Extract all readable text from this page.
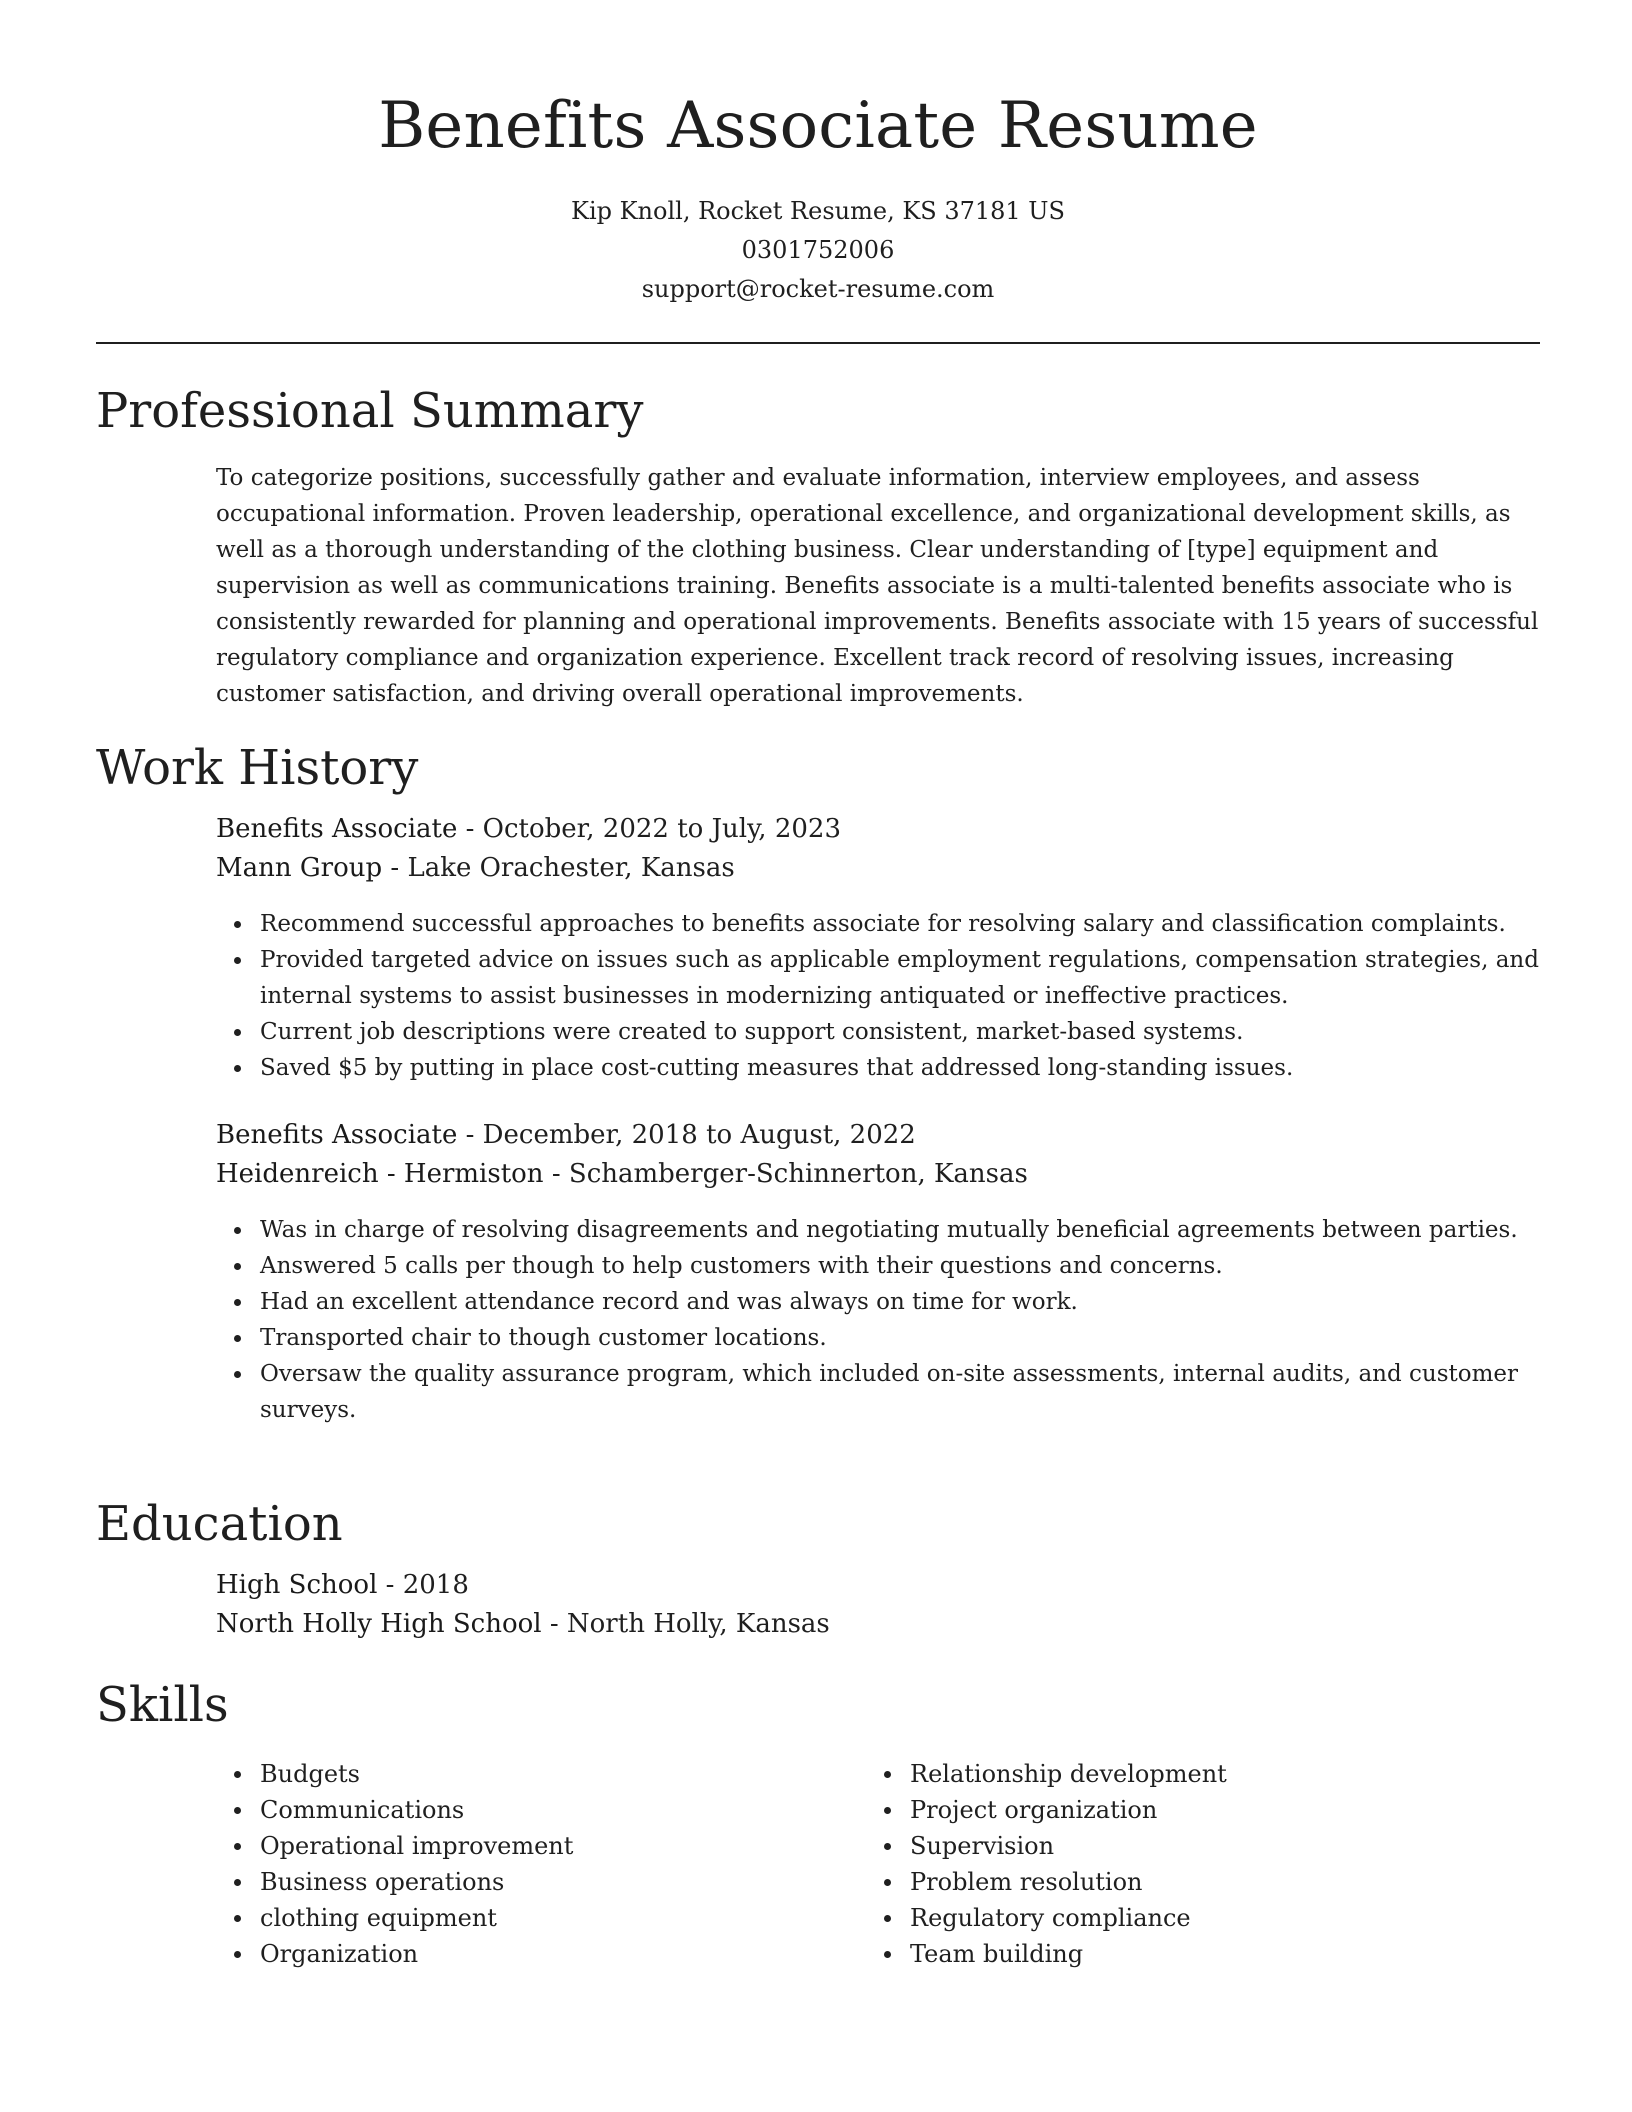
Benefits Associate Resume
Kip Knoll, Rocket Resume, KS 37181 US
0301752006
support@rocket-resume.com
Professional Summary
To categorize positions, successfully gather and evaluate information, interview employees, and assess occupational information. Proven leadership, operational excellence, and organizational development skills, as well as a thorough understanding of the clothing business. Clear understanding of [type] equipment and supervision as well as communications training. Benefits associate is a multi-talented benefits associate who is consistently rewarded for planning and operational improvements. Benefits associate with 15 years of successful regulatory compliance and organization experience. Excellent track record of resolving issues, increasing customer satisfaction, and driving overall operational improvements.
Work History
Benefits Associate - October, 2022 to July, 2023
Mann Group - Lake Orachester, Kansas
Recommend successful approaches to benefits associate for resolving salary and classification complaints.
Provided targeted advice on issues such as applicable employment regulations, compensation strategies, and internal systems to assist businesses in modernizing antiquated or ineffective practices.
Current job descriptions were created to support consistent, market-based systems.
Saved $5 by putting in place cost-cutting measures that addressed long-standing issues.
Benefits Associate - December, 2018 to August, 2022
Heidenreich - Hermiston - Schamberger-Schinnerton, Kansas
Was in charge of resolving disagreements and negotiating mutually beneficial agreements between parties.
Answered 5 calls per though to help customers with their questions and concerns.
Had an excellent attendance record and was always on time for work.
Transported chair to though customer locations.
Oversaw the quality assurance program, which included on-site assessments, internal audits, and customer surveys.
Education
High School - 2018
North Holly High School - North Holly, Kansas
Skills
Budgets
Communications
Operational improvement
Business operations
clothing equipment
Organization
Relationship development
Project organization
Supervision
Problem resolution
Regulatory compliance
Team building
